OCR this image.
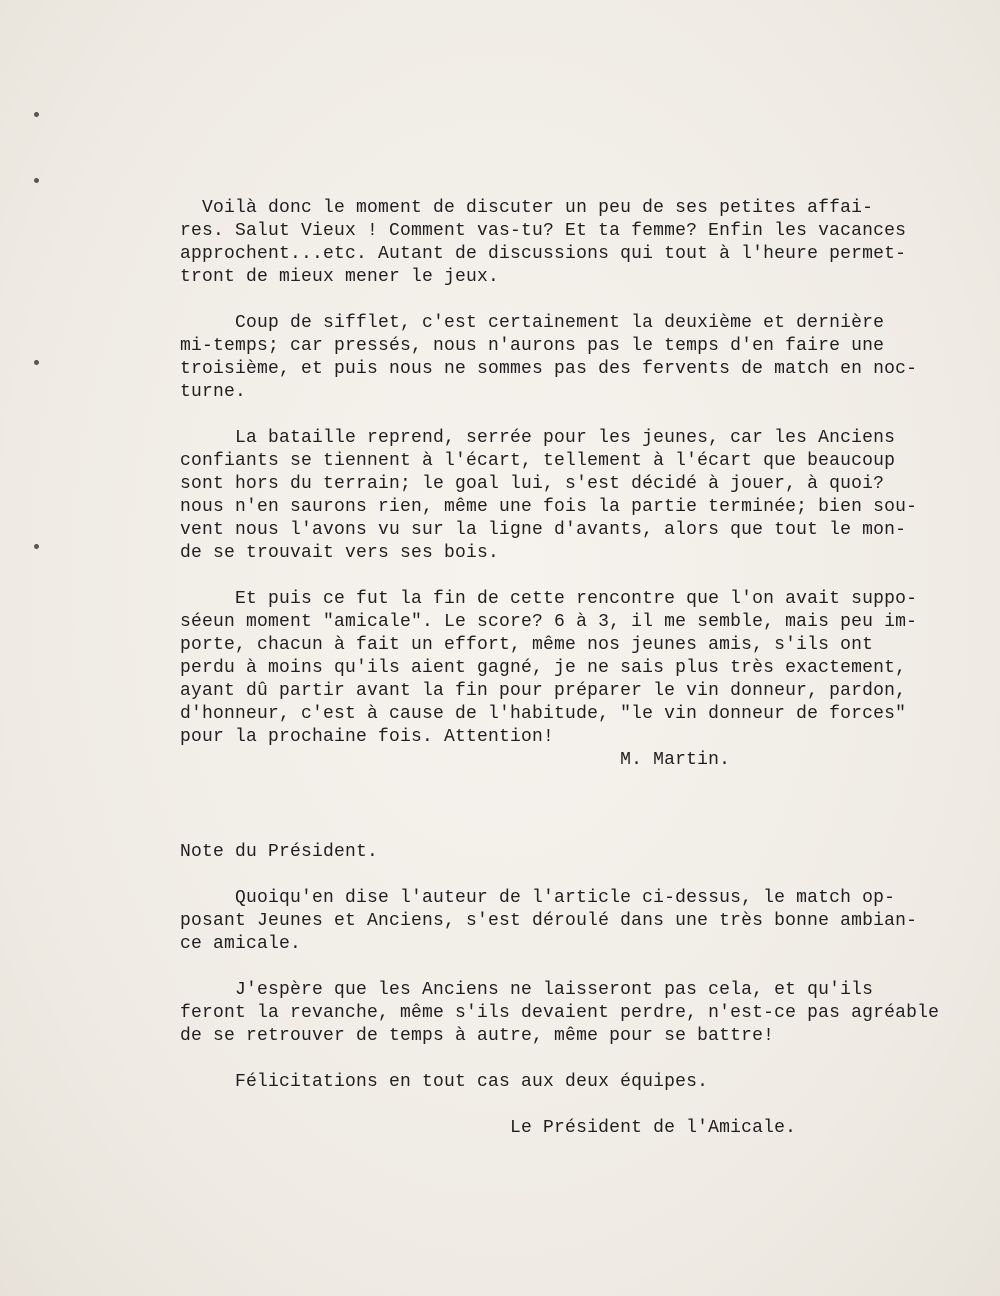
Voilà donc le moment de discuter un peu de ses petites affai-
res. Salut Vieux ! Comment vas-tu? Et ta femme? Enfin les vacances
approchent...etc. Autant de discussions qui tout à l'heure permet-
tront de mieux mener le jeux.
Coup de sifflet, c'est certainement la deuxième et dernière
mi-temps; car pressés, nous n'aurons pas le temps d'en faire une
troisième, et puis nous ne sommes pas des fervents de match en noc-
turne.
La bataille reprend, serrée pour les jeunes, car les Anciens
confiants se tiennent à l'écart, tellement à l'écart que beaucoup
sont hors du terrain; le goal lui, s'est décidé à jouer, à quoi?
nous n'en saurons rien, même une fois la partie terminée; bien sou-
vent nous l'avons vu sur la ligne d'avants, alors que tout le mon-
de se trouvait vers ses bois.
Et puis ce fut la fin de cette rencontre que l'on avait suppo-
séeun moment "amicale". Le score? 6 à 3, il me semble, mais peu im-
porte, chacun à fait un effort, même nos jeunes amis, s'ils ont
perdu à moins qu'ils aient gagné, je ne sais plus très exactement,
ayant dû partir avant la fin pour préparer le vin donneur, pardon,
d'honneur, c'est à cause de l'habitude, "le vin donneur de forces"
pour la prochaine fois. Attention!
M. Martin.
Note du Président.
Quoiqu'en dise l'auteur de l'article ci-dessus, le match op-
posant Jeunes et Anciens, s'est déroulé dans une très bonne ambian-
ce amicale.
J'espère que les Anciens ne laisseront pas cela, et qu'ils
feront la revanche, même s'ils devaient perdre, n'est-ce pas agréable
de se retrouver de temps à autre, même pour se battre!
Félicitations en tout cas aux deux équipes.
Le Président de l'Amicale.
